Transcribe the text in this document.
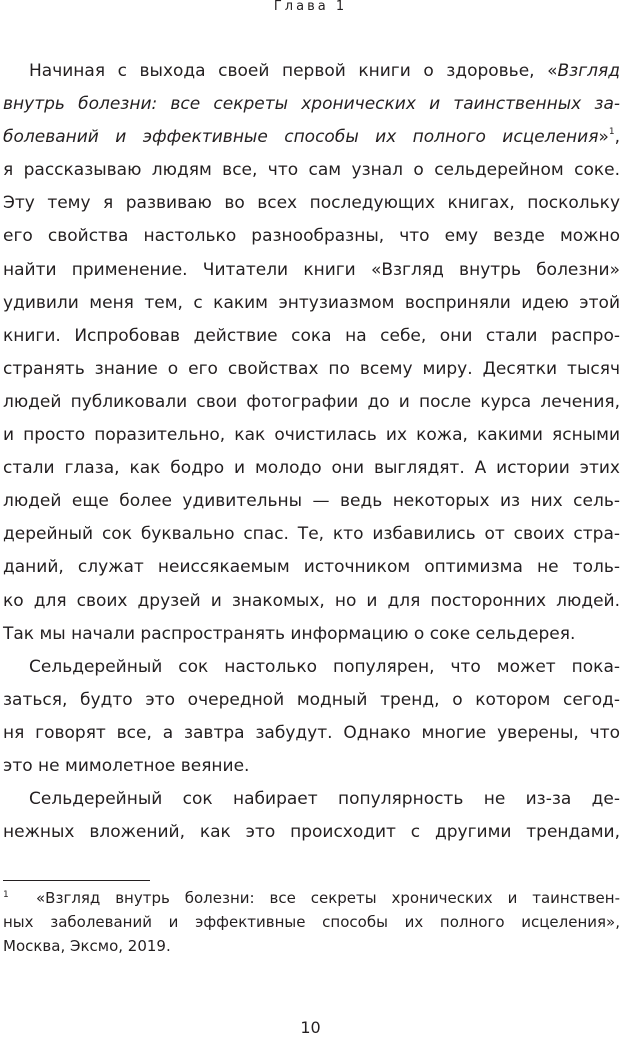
Глава 1
Начиная с выхода своей первой книги о здоровье, «Взгляд
внутрь болезни: все секреты хронических и таинственных за-
болеваний и эффективные способы их полного исцеления»$^1$,
я рассказываю людям все, что сам узнал о сельдерейном соке.
Эту тему я развиваю во всех последующих книгах, поскольку
его свойства настолько разнообразны, что ему везде можно
найти применение. Читатели книги «Взгляд внутрь болезни»
удивили меня тем, с каким энтузиазмом восприняли идею этой
книги. Испробовав действие сока на себе, они стали распро-
странять знание о его свойствах по всему миру. Десятки тысяч
людей публиковали свои фотографии до и после курса лечения,
и просто поразительно, как очистилась их кожа, какими ясными
стали глаза, как бодро и молодо они выглядят. А истории этих
людей еще более удивительны — ведь некоторых из них сель-
дерейный сок буквально спас. Те, кто избавились от своих стра-
даний, служат неиссякаемым источником оптимизма не толь-
ко для своих друзей и знакомых, но и для посторонних людей.
Так мы начали распространять информацию о соке сельдерея.
Сельдерейный сок настолько популярен, что может пока-
заться, будто это очередной модный тренд, о котором сегод-
ня говорят все, а завтра забудут. Однако многие уверены, что
это не мимолетное веяние.
Сельдерейный сок набирает популярность не из-за де-
нежных вложений, как это происходит с другими трендами,
1 «Взгляд внутрь болезни: все секреты хронических и таинствен-
ных заболеваний и эффективные способы их полного исцеления»,
Москва, Эксмо, 2019.
10
